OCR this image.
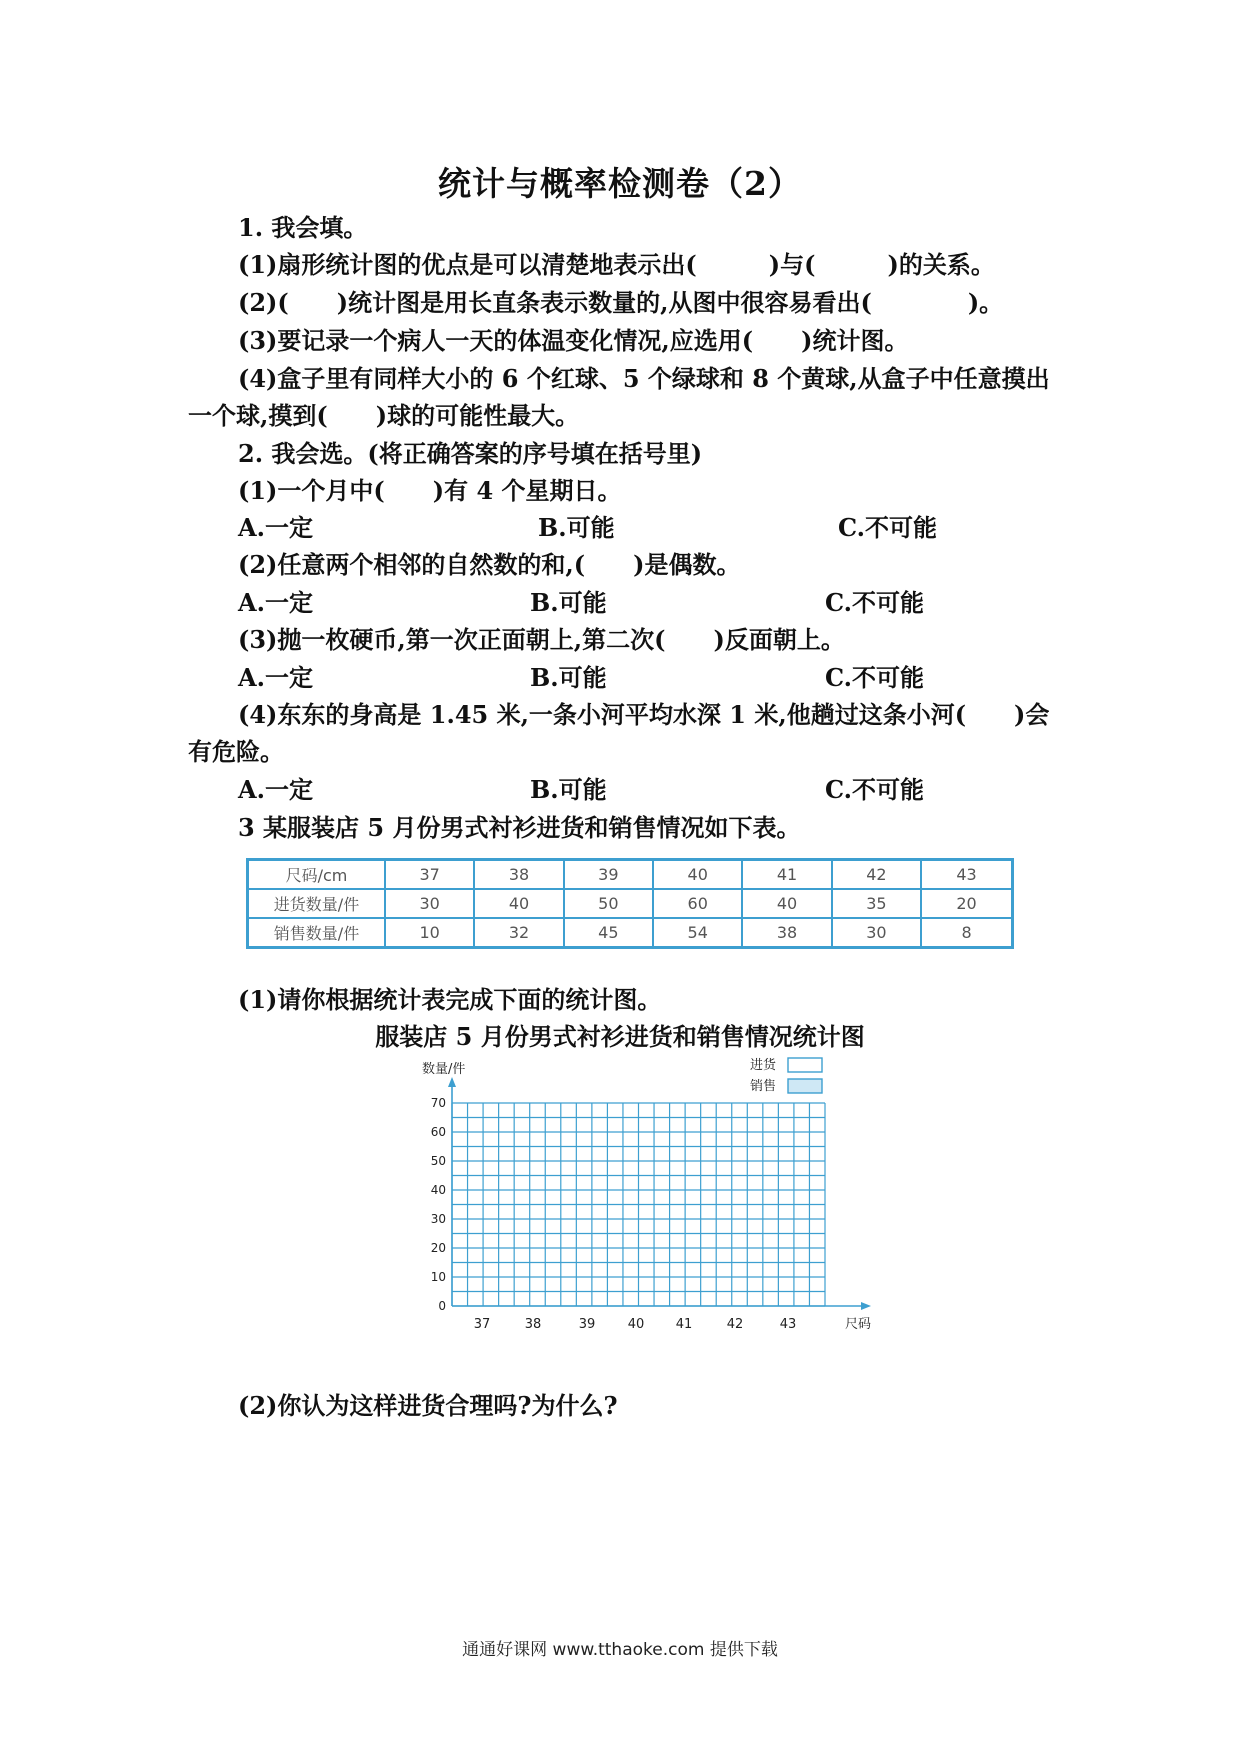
统计与概率检测卷（2）
1. 我会填。
(1)扇形统计图的优点是可以清楚地表示出(　　　)与(　　　)的关系。
(2)(　　)统计图是用长直条表示数量的,从图中很容易看出(　　　　)。
(3)要记录一个病人一天的体温变化情况,应选用(　　)统计图。
(4)盒子里有同样大小的 6 个红球、5 个绿球和 8 个黄球,从盒子中任意摸出
一个球,摸到(　　)球的可能性最大。
2. 我会选。(将正确答案的序号填在括号里)
(1)一个月中(　　)有 4 个星期日。
A.一定	B.可能	C.不可能
(2)任意两个相邻的自然数的和,(　　)是偶数。
A.一定	B.可能	C.不可能
(3)抛一枚硬币,第一次正面朝上,第二次(　　)反面朝上。
A.一定	B.可能	C.不可能
(4)东东的身高是 1.45 米,一条小河平均水深 1 米,他趟过这条小河(　　)会
有危险。
A.一定	B.可能	C.不可能
3 某服装店 5 月份男式衬衫进货和销售情况如下表。
尺码/cm	37	38	39	40	41	42	43
进货数量/件	30	40	50	60	40	35	20
销售数量/件	10	32	45	54	38	30	8
(1)请你根据统计表完成下面的统计图。
服装店 5 月份男式衬衫进货和销售情况统计图
数量/件
0
10
20
30
40
50
60
70
37	38	39 40 41	42	43	尺码
进货
销售
(2)你认为这样进货合理吗?为什么?
通通好课网 www.tthaoke.com 提供下载
